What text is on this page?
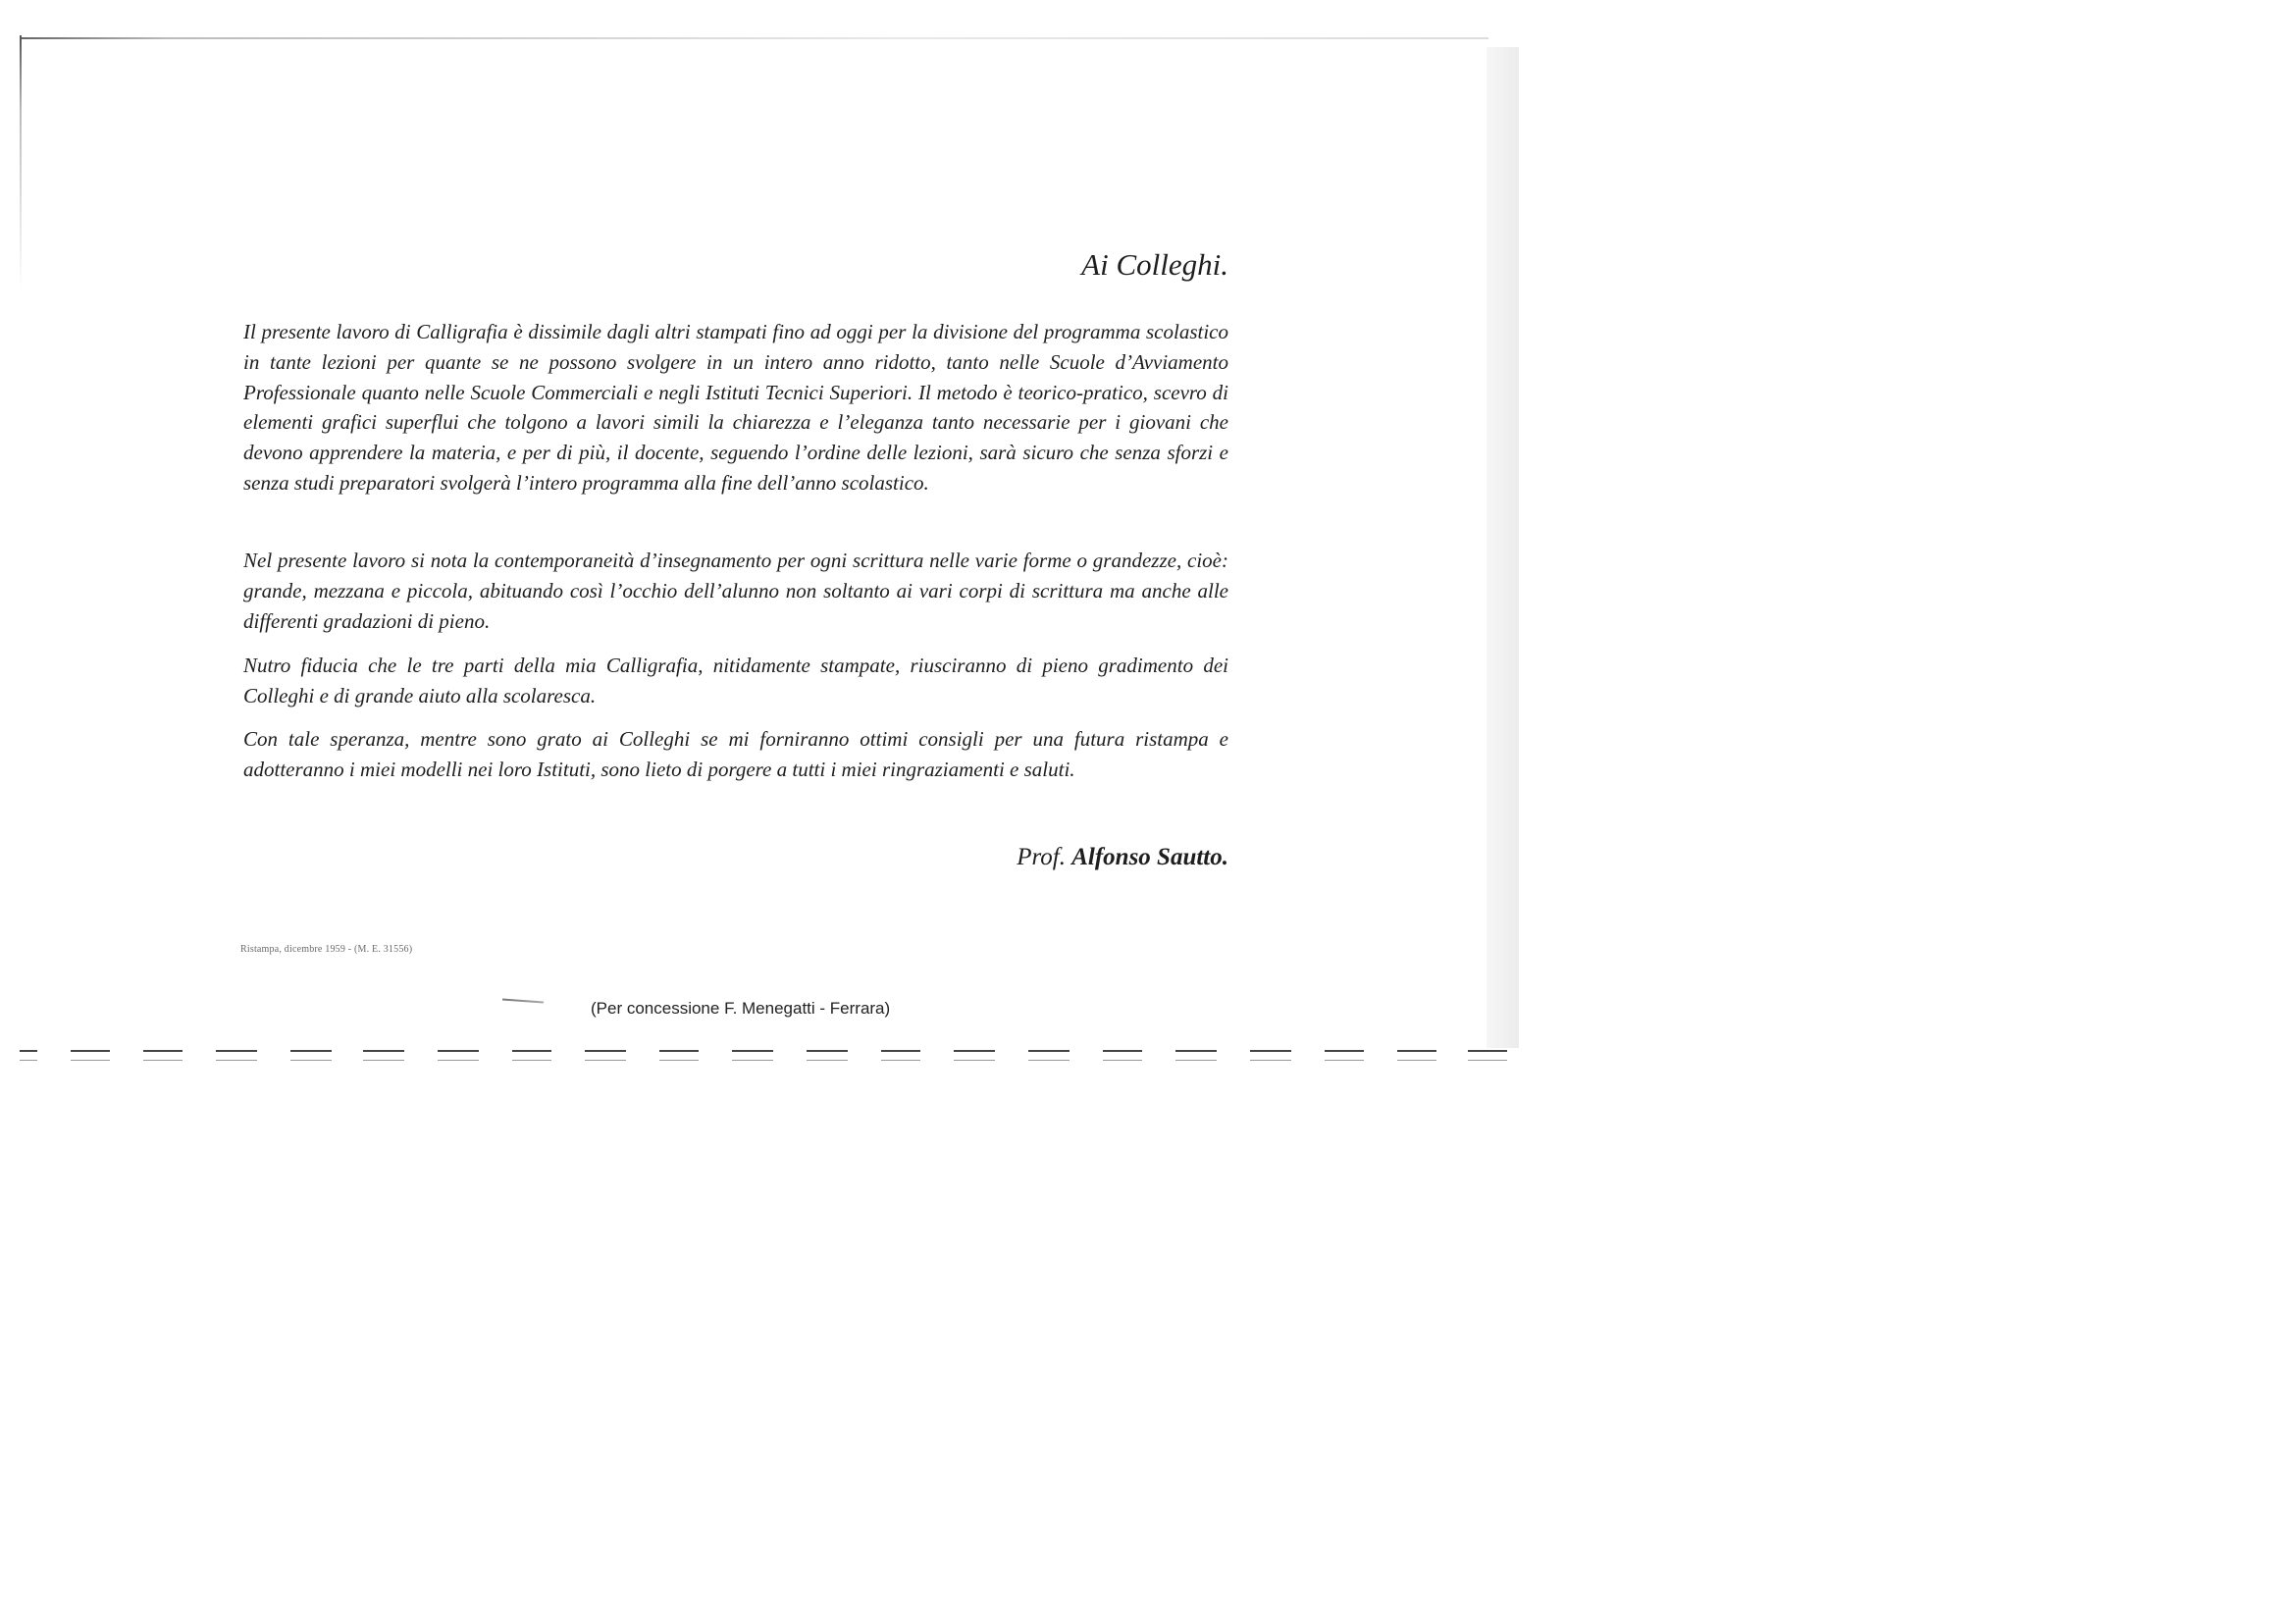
Ai Colleghi.

Il presente lavoro di Calligrafia è dissimile dagli altri stampati fino ad oggi per la divisione del programma scolastico in tante lezioni per quante se ne possono svolgere in un intero anno ridotto, tanto nelle Scuole d’Avviamento Professionale quanto nelle Scuole Commerciali e negli Istituti Tecnici Superiori. Il metodo è teorico-pratico, scevro di elementi grafici superflui che tolgono a lavori simili la chiarezza e l’eleganza tanto necessarie per i giovani che devono apprendere la materia, e per di più, il docente, seguendo l’ordine delle lezioni, sarà sicuro che senza sforzi e senza studi preparatori svolgerà l’intero programma alla fine dell’anno scolastico.

Nel presente lavoro si nota la contemporaneità d’insegnamento per ogni scrittura nelle varie forme o grandezze, cioè: grande, mezzana e piccola, abituando così l’occhio dell’alunno non soltanto ai vari corpi di scrittura ma anche alle differenti gradazioni di pieno.

Nutro fiducia che le tre parti della mia Calligrafia, nitidamente stampate, riusciranno di pieno gradimento dei Colleghi e di grande aiuto alla scolaresca.

Con tale speranza, mentre sono grato ai Colleghi se mi forniranno ottimi consigli per una futura ristampa e adotteranno i miei modelli nei loro Istituti, sono lieto di porgere a tutti i miei ringraziamenti e saluti.

Prof. Alfonso Sautto.
Ristampa, dicembre 1959 - (M. E. 31556)
(Per concessione F. Menegatti - Ferrara)
